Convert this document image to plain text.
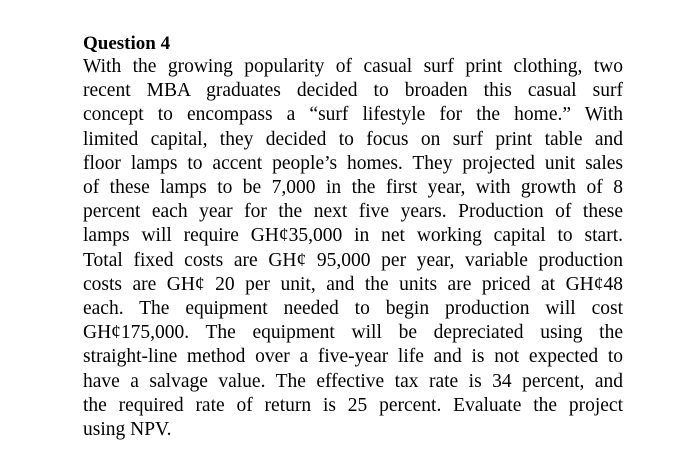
Question 4
With the growing popularity of casual surf print clothing, two
recent MBA graduates decided to broaden this casual surf
concept to encompass a “surf lifestyle for the home.” With
limited capital, they decided to focus on surf print table and
floor lamps to accent people’s homes. They projected unit sales
of these lamps to be 7,000 in the first year, with growth of 8
percent each year for the next five years. Production of these
lamps will require GH¢35,000 in net working capital to start.
Total fixed costs are GH¢ 95,000 per year, variable production
costs are GH¢ 20 per unit, and the units are priced at GH¢48
each. The equipment needed to begin production will cost
GH¢175,000. The equipment will be depreciated using the
straight-line method over a five-year life and is not expected to
have a salvage value. The effective tax rate is 34 percent, and
the required rate of return is 25 percent. Evaluate the project
using NPV.
